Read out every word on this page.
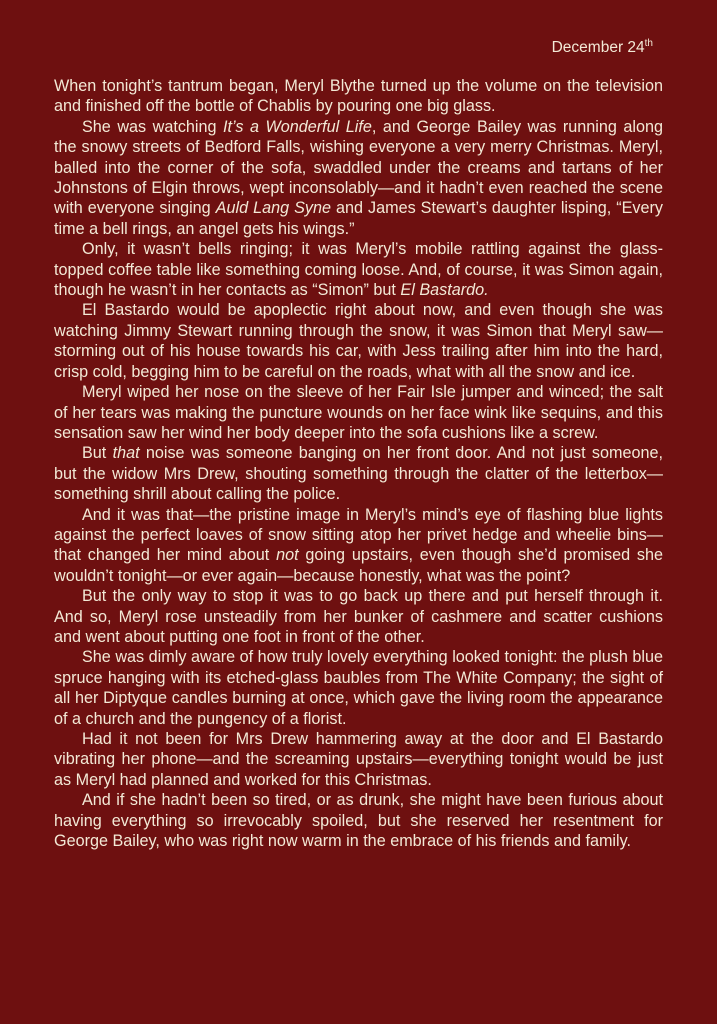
December 24th

When tonight’s tantrum began, Meryl Blythe turned up the volume on the television and finished off the bottle of Chablis by pouring one big glass.

She was watching It’s a Wonderful Life, and George Bailey was running along the snowy streets of Bedford Falls, wishing everyone a very merry Christmas. Meryl, balled into the corner of the sofa, swaddled under the creams and tartans of her Johnstons of Elgin throws, wept inconsolably—and it hadn’t even reached the scene with everyone singing Auld Lang Syne and James Stewart’s daughter lisping, “Every time a bell rings, an angel gets his wings.”

Only, it wasn’t bells ringing; it was Meryl’s mobile rattling against the glass-topped coffee table like something coming loose. And, of course, it was Simon again, though he wasn’t in her contacts as “Simon” but El Bastardo.

El Bastardo would be apoplectic right about now, and even though she was watching Jimmy Stewart running through the snow, it was Simon that Meryl saw—storming out of his house towards his car, with Jess trailing after him into the hard, crisp cold, begging him to be careful on the roads, what with all the snow and ice.

Meryl wiped her nose on the sleeve of her Fair Isle jumper and winced; the salt of her tears was making the puncture wounds on her face wink like sequins, and this sensation saw her wind her body deeper into the sofa cushions like a screw.

But that noise was someone banging on her front door. And not just someone, but the widow Mrs Drew, shouting something through the clatter of the letterbox—something shrill about calling the police.

And it was that—the pristine image in Meryl’s mind’s eye of flashing blue lights against the perfect loaves of snow sitting atop her privet hedge and wheelie bins—that changed her mind about not going upstairs, even though she’d promised she wouldn’t tonight—or ever again—because honestly, what was the point?

But the only way to stop it was to go back up there and put herself through it. And so, Meryl rose unsteadily from her bunker of cashmere and scatter cushions and went about putting one foot in front of the other.

She was dimly aware of how truly lovely everything looked tonight: the plush blue spruce hanging with its etched-glass baubles from The White Company; the sight of all her Diptyque candles burning at once, which gave the living room the appearance of a church and the pungency of a florist.

Had it not been for Mrs Drew hammering away at the door and El Bastardo vibrating her phone—and the screaming upstairs—everything tonight would be just as Meryl had planned and worked for this Christmas.

And if she hadn’t been so tired, or as drunk, she might have been furious about having everything so irrevocably spoiled, but she reserved her resentment for George Bailey, who was right now warm in the embrace of his friends and family.
